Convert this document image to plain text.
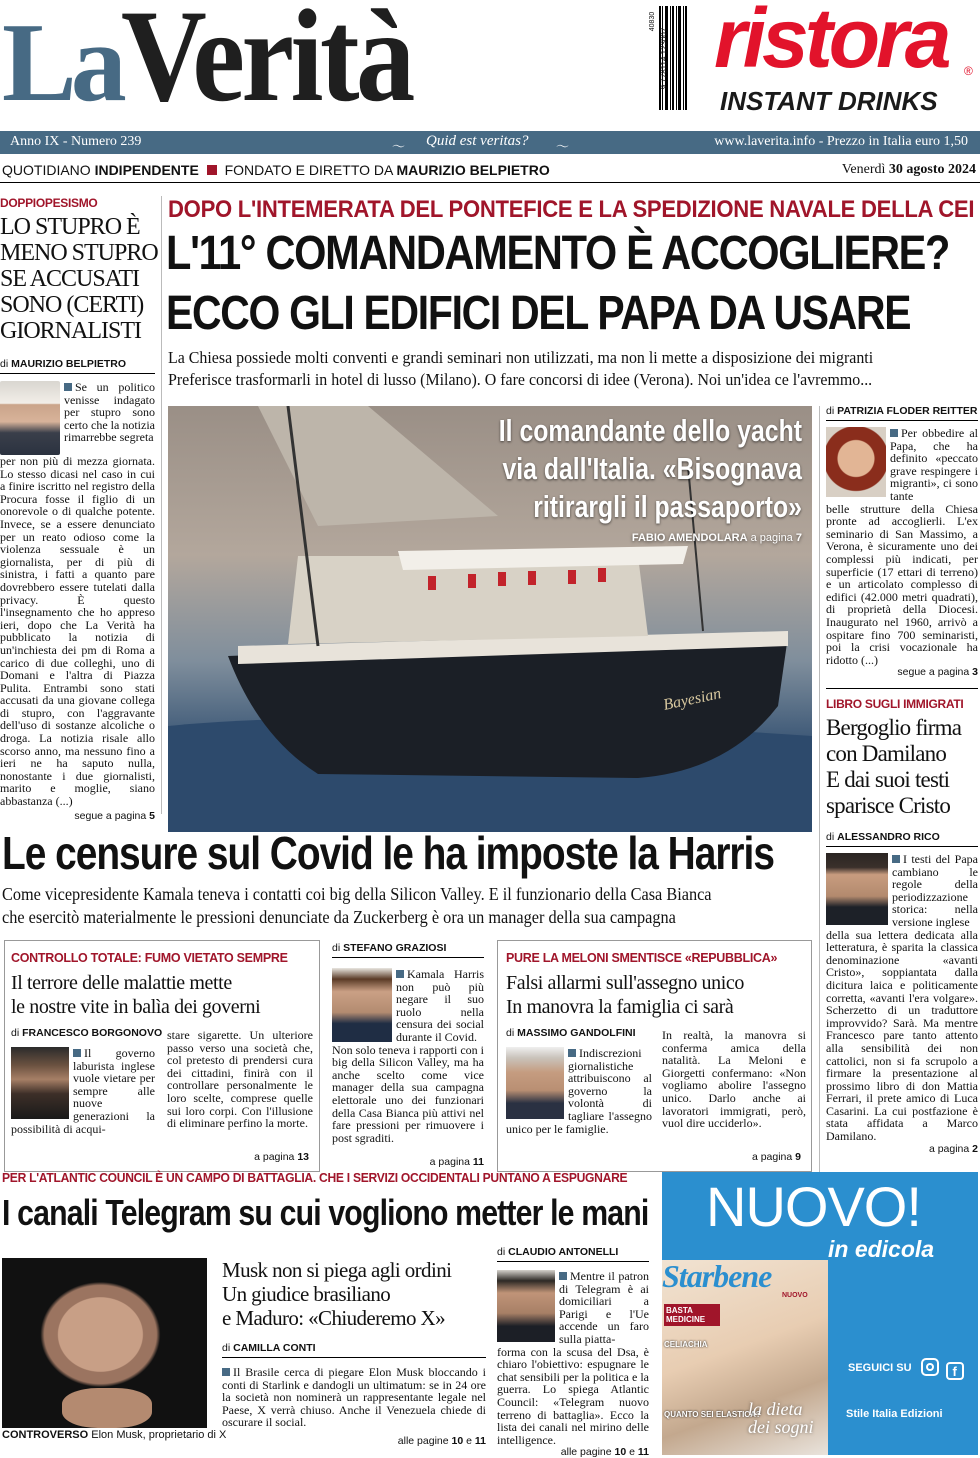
LaVerità	9 778114 123007
40830 ristora ®
INSTANT DRINKS
Anno IX - Numero 239	〜 Quid est veritas? 〜	www.laverita.info - Prezzo in Italia euro 1,50
QUOTIDIANO INDIPENDENTE FONDATO E DIRETTO DA MAURIZIO BELPIETRO	Venerdì 30 agosto 2024
DOPPIOPESISMO
LO STUPRO È
MENO STUPRO
SE ACCUSATI
SONO (CERTI)
GIORNALISTI
di MAURIZIO BELPIETRO

Se un politico venisse indagato per stupro sono certo che la notizia rimarrebbe segreta

per non più di mezza giornata. Lo stesso dicasi nel caso in cui a finire iscritto nel registro della Procura fosse il figlio di un onorevole o di qualche potente. Invece, se a essere denunciato per un reato odioso come la violenza sessuale è un giornalista, per di più di sinistra, i fatti a quanto pare dovrebbero essere tutelati dalla privacy. È questo l'insegnamento che ho appreso ieri, dopo che La Verità ha pubblicato la notizia di un'inchiesta dei pm di Roma a carico di due colleghi, uno di Domani e l'altra di Piazza Pulita. Entrambi sono stati accusati da una giovane collega di stupro, con l'aggravante dell'uso di sostanze alcoliche o droga. La notizia risale allo scorso anno, ma nessuno fino a ieri ne ha saputo nulla, nonostante i due giornalisti, marito e moglie, siano abbastanza (...)

segue a pagina 5
DOPO L'INTEMERATA DEL PONTEFICE E LA SPEDIZIONE NAVALE DELLA CEI
L'11° COMANDAMENTO È ACCOGLIERE?
ECCO GLI EDIFICI DEL PAPA DA USARE
La Chiesa possiede molti conventi e grandi seminari non utilizzati, ma non li mette a disposizione dei migranti
Preferisce trasformarli in hotel di lusso (Milano). O fare concorsi di idee (Verona). Noi un'idea ce l'avremmo...
Bayesian
Il comandante dello yacht
via dall'Italia. «Bisognava
ritirargli il passaporto»
FABIO AMENDOLARA a pagina 7
di PATRIZIA FLODER REITTER

Per obbedire al Papa, che ha definito «peccato grave respingere i migranti», ci sono tante

belle strutture della Chiesa pronte ad accoglierli. L'ex seminario di San Massimo, a Verona, è sicuramente uno dei complessi più indicati, per superficie (17 ettari di terreno) e un articolato complesso di edifici (42.000 metri quadrati), di proprietà della Diocesi. Inaugurato nel 1960, arrivò a ospitare fino 700 seminaristi, poi la crisi vocazionale ha ridotto (...)

segue a pagina 3
LIBRO SUGLI IMMIGRATI
Bergoglio firma
con Damilano
E dai suoi testi
sparisce Cristo
di ALESSANDRO RICO

I testi del Papa cambiano le regole della periodizzazione storica: nella versione inglese

della sua lettera dedicata alla letteratura, è sparita la classica denominazione «avanti Cristo», soppiantata dalla dicitura laica e politicamente corretta, «avanti l'era volgare». Scherzetto di un traduttore improvvido? Sarà. Ma mentre Francesco pare tanto attento alla sensibilità dei non cattolici, non si fa scrupolo a firmare la presentazione al prossimo libro di don Mattia Ferrari, il prete amico di Luca Casarini. La cui postfazione è stata affidata a Marco Damilano.

a pagina 2
Le censure sul Covid le ha imposte la Harris
Come vicepresidente Kamala teneva i contatti coi big della Silicon Valley. E il funzionario della Casa Bianca
che esercitò materialmente le pressioni denunciate da Zuckerberg è ora un manager della sua campagna
CONTROLLO TOTALE: FUMO VIETATO SEMPRE
Il terrore delle malattie mette
le nostre vite in balìa dei governi
di FRANCESCO BORGONOVO

Il governo laburista inglese vuole vietare per sempre alle nuove generazioni la possibilità di acqui-

stare sigarette. Un ulteriore passo verso una società che, col pretesto di prendersi cura dei cittadini, finirà con il controllare personalmente le loro scelte, comprese quelle sui loro corpi. Con l'illusione di eliminare perfino la morte.

a pagina 13
di STEFANO GRAZIOSI

Kamala Harris non può più negare il suo ruolo nella censura dei social durante il Covid.

Non solo teneva i rapporti con i big della Silicon Valley, ma ha anche scelto come vice manager della sua campagna elettorale uno dei funzionari della Casa Bianca più attivi nel fare pressioni per rimuovere i post sgraditi.

a pagina 11
PURE LA MELONI SMENTISCE «REPUBBLICA»
Falsi allarmi sull'assegno unico
In manovra la famiglia ci sarà
di MASSIMO GANDOLFINI

Indiscrezioni giornalistiche attribuiscono al governo la volontà di tagliare l'assegno unico per le famiglie.

In realtà, la manovra si conferma amica della natalità. La Meloni e Giorgetti confermano: «Non vogliamo abolire l'assegno unico. Darlo anche ai lavoratori immigrati, però, vuol dire ucciderlo».

a pagina 9
PER L'ATLANTIC COUNCIL È UN CAMPO DI BATTAGLIA. CHE I SERVIZI OCCIDENTALI PUNTANO A ESPUGNARE
I canali Telegram su cui vogliono metter le mani
CONTROVERSO Elon Musk, proprietario di X
Musk non si piega agli ordini
Un giudice brasiliano
e Maduro: «Chiuderemo X»
di CAMILLA CONTI

Il Brasile cerca di piegare Elon Musk bloccando i conti di Starlink e dandogli un ultimatum: se in 24 ore la società non nominerà un rappresentante legale nel Paese, X verrà chiuso. Anche il Venezuela chiede di oscurare il social.

alle pagine 10 e 11
di CLAUDIO ANTONELLI

Mentre il patron di Telegram è ai domiciliari a Parigi e l'Ue accende un faro sulla piatta-

forma con la scusa del Dsa, è chiaro l'obiettivo: espugnare le chat sensibili per la politica e la guerra. Lo spiega Atlantic Council: «Telegram nuovo terreno di battaglia». Ecco la lista dei canali nel mirino delle intelligence.

alle pagine 10 e 11
NUOVO!
in edicola
Starbene
NUOVO
BASTA MEDICINE
CELIACHIA
QUANTO SEI ELASTICA?
la dieta dei sogni
SEGUICI SU	f
Stile Italia Edizioni
